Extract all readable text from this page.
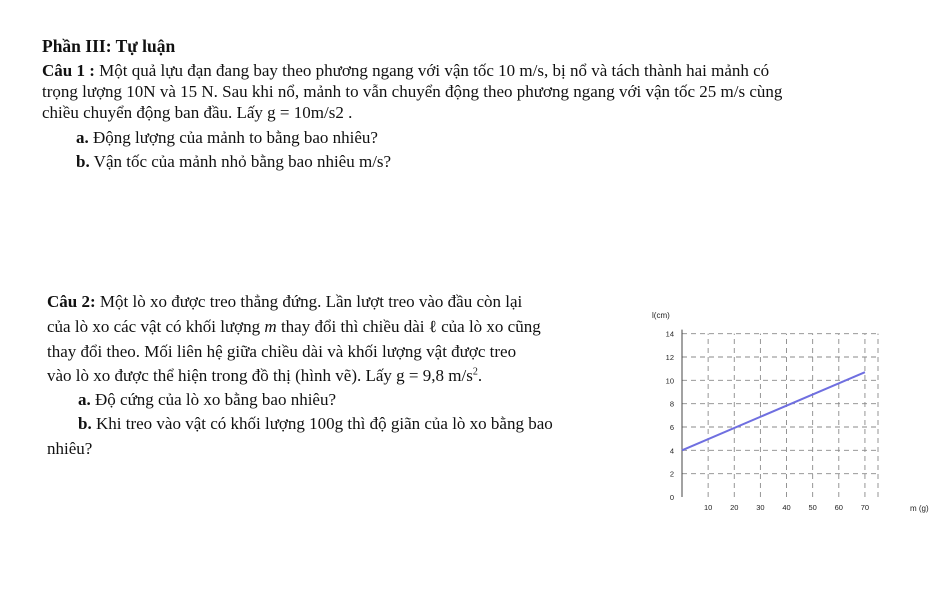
Phần III: Tự luận
Câu 1 : Một quả lựu đạn đang bay theo phương ngang với vận tốc 10 m/s, bị nổ và tách thành hai mảnh có
trọng lượng 10N và 15 N. Sau khi nổ, mảnh to vẫn chuyển động theo phương ngang với vận tốc 25 m/s cùng
chiều chuyển động ban đầu. Lấy g = 10m/s2 .
a. Động lượng của mảnh to bằng bao nhiêu?
b. Vận tốc của mảnh nhỏ bằng bao nhiêu m/s?
Câu 2: Một lò xo được treo thẳng đứng. Lần lượt treo vào đầu còn lại
của lò xo các vật có khối lượng m thay đổi thì chiều dài ℓ của lò xo cũng
thay đổi theo. Mối liên hệ giữa chiều dài và khối lượng vật được treo
vào lò xo được thể hiện trong đồ thị (hình vẽ). Lấy g = 9,8 $m/s^2$.
a. Độ cứng của lò xo bằng bao nhiêu?
b. Khi treo vào vật có khối lượng 100g thì độ giãn của lò xo bằng bao
nhiêu?
2
4
6
8
10
12
14
10 20 30 40 50 60 70
0
l(cm)
m (g)
